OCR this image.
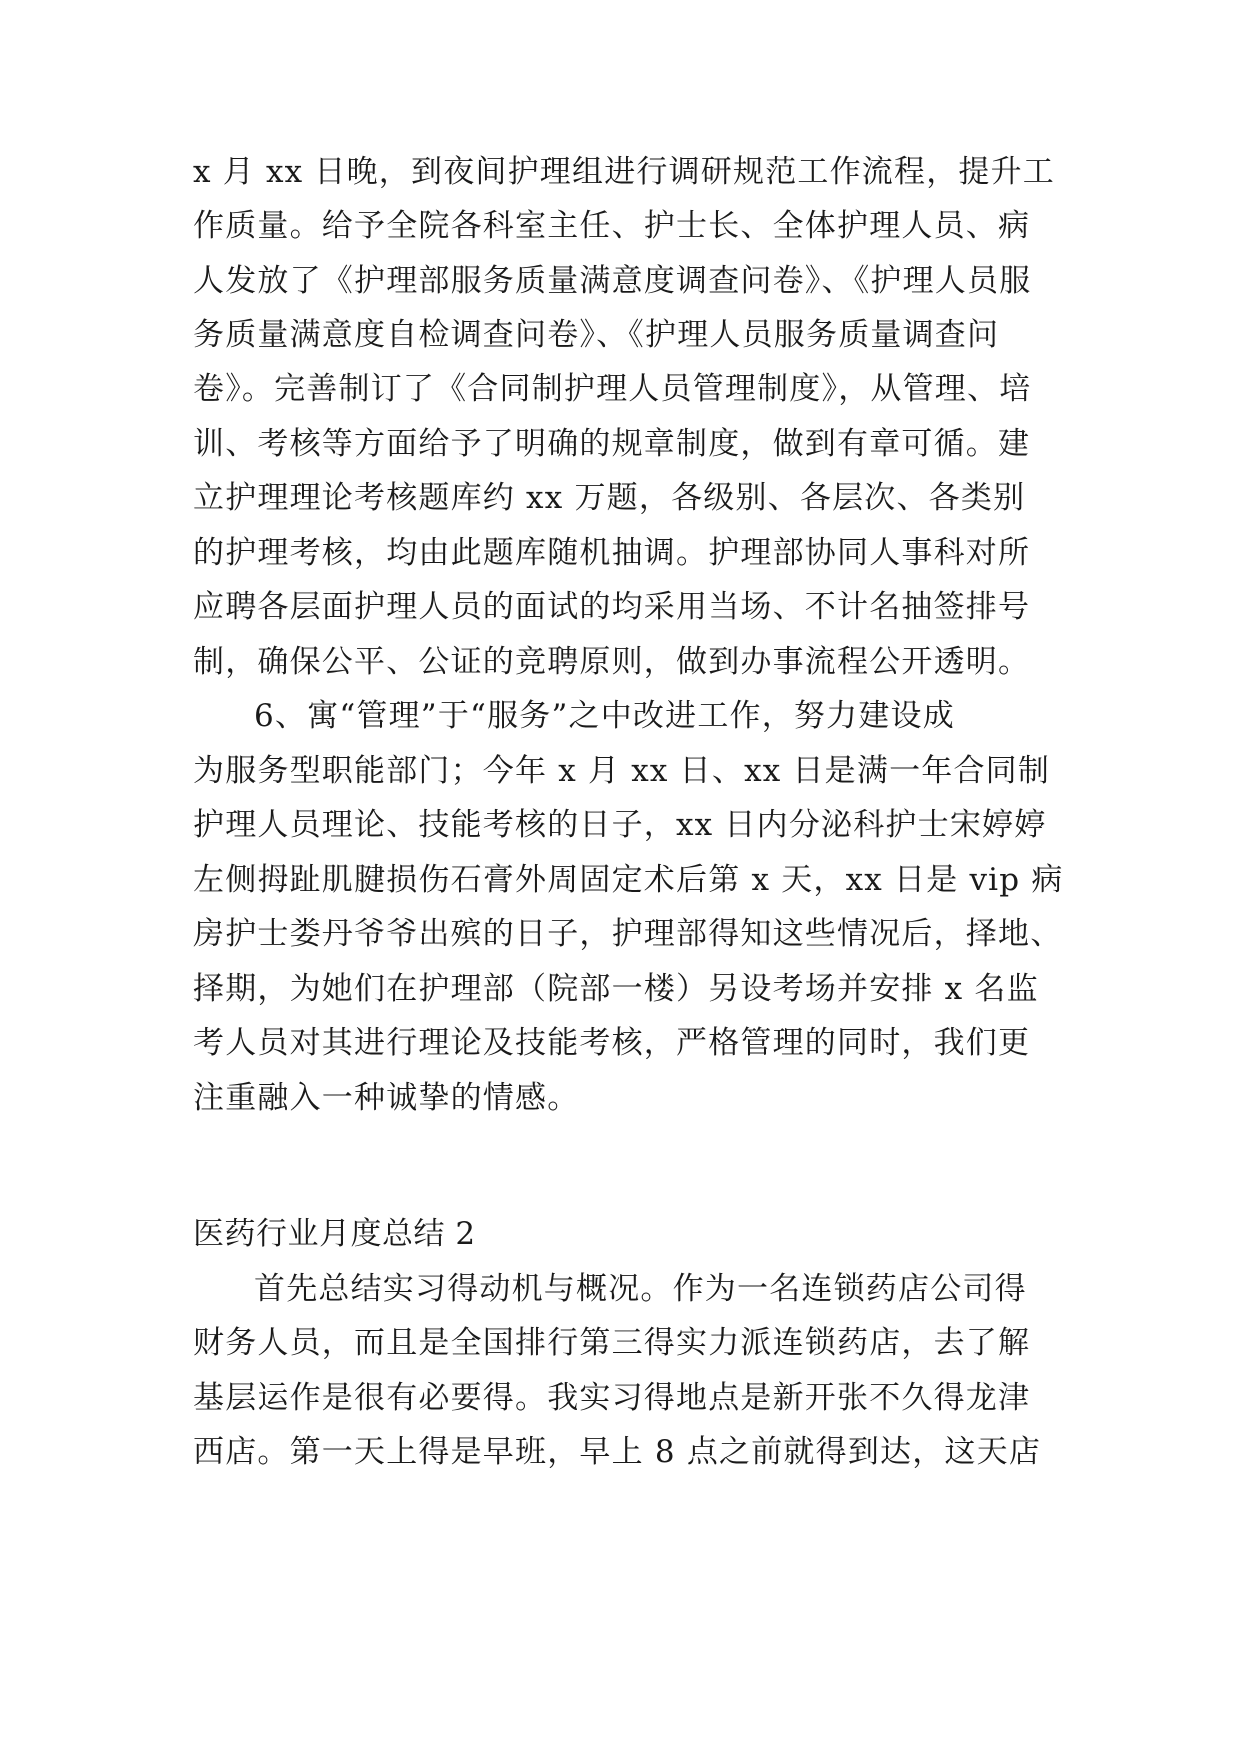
x 月 xx 日晚，到夜间护理组进行调研规范工作流程，提升工
作质量。给予全院各科室主任、护士长、全体护理人员、病
人发放了《护理部服务质量满意度调查问卷》、《护理人员服
务质量满意度自检调查问卷》、《护理人员服务质量调查问
卷》。完善制订了《合同制护理人员管理制度》，从管理、培
训、考核等方面给予了明确的规章制度，做到有章可循。建
立护理理论考核题库约 xx 万题，各级别、各层次、各类别
的护理考核，均由此题库随机抽调。护理部协同人事科对所
应聘各层面护理人员的面试的均采用当场、不计名抽签排号
制，确保公平、公证的竞聘原则，做到办事流程公开透明。
6、寓“管理”于“服务”之中改进工作，努力建设成
为服务型职能部门；今年 x 月 xx 日、xx 日是满一年合同制
护理人员理论、技能考核的日子，xx 日内分泌科护士宋婷婷
左侧拇趾肌腱损伤石膏外周固定术后第 x 天，xx 日是 vip 病
房护士娄丹爷爷出殡的日子，护理部得知这些情况后，择地、
择期，为她们在护理部（院部一楼）另设考场并安排 x 名监
考人员对其进行理论及技能考核，严格管理的同时，我们更
注重融入一种诚挚的情感。
医药行业月度总结 2
首先总结实习得动机与概况。作为一名连锁药店公司得
财务人员，而且是全国排行第三得实力派连锁药店，去了解
基层运作是很有必要得。我实习得地点是新开张不久得龙津
西店。第一天上得是早班，早上 8 点之前就得到达，这天店
